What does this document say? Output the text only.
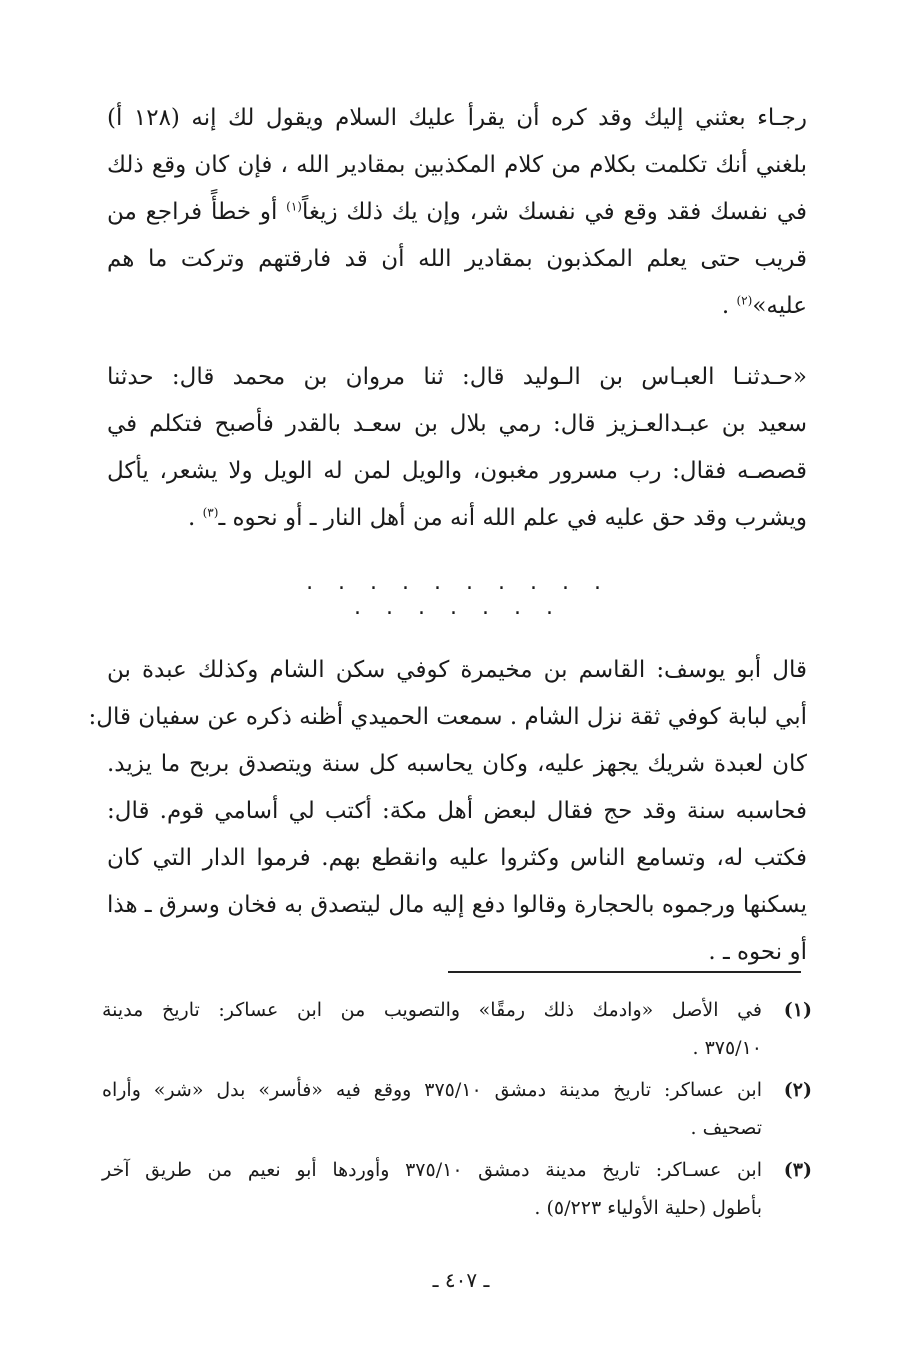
رجـاء بعثني إليك وقد كره أن يقرأ عليك السلام ويقول لك إنه (١٢٨ أ)
بلغني أنك تكلمت بكلام من كلام المكذبين بمقادير الله ، فإن كان وقع ذلك
في نفسك فقد وقع في نفسك شر، وإن يك ذلك زيغاً$^{(١)}$ أو خطأً فراجع من
قريب حتى يعلم المكذبون بمقادير الله أن قد فارقتهم وتركت ما هم
عليه»$^{(٢)}$ .
«حـدثنـا العبـاس بن الـوليد قال: ثنا مروان بن محمد قال: حدثنا
سعيد بن عبـدالعـزيز قال: رمي بلال بن سعـد بالقدر فأصبح فتكلم في
قصصـه فقال: رب مسرور مغبون، والويل لمن له الويل ولا يشعر، يأكل
ويشرب وقد حق عليه في علم الله أنه من أهل النار ـ أو نحوه ـ$^{(٣)}$ .
. . . . . . . . . . . . . . . . .
قال أبو يوسف: القاسم بن مخيمرة كوفي سكن الشام وكذلك عبدة بن
أبي لبابة كوفي ثقة نزل الشام . سمعت الحميدي أظنه ذكره عن سفيان قال:
كان لعبدة شريك يجهز عليه، وكان يحاسبه كل سنة ويتصدق بربح ما يزيد.
فحاسبه سنة وقد حج فقال لبعض أهل مكة: أكتب لي أسامي قوم. قال:
فكتب له، وتسامع الناس وكثروا عليه وانقطع بهم. فرموا الدار التي كان
يسكنها ورجموه بالحجارة وقالوا دفع إليه مال ليتصدق به فخان وسرق ـ هذا
أو نحوه ـ .
(١)
في الأصل «وادمك ذلك رمقًا» والتصويب من ابن عساكر: تاريخ مدينة
٣٧٥/١٠ .
(٢)
ابن عساكر: تاريخ مدينة دمشق ٣٧٥/١٠ ووقع فيه «فأسر» بدل «شر» وأراه
تصحيف .
(٣)
ابن عسـاكر: تاريخ مدينة دمشق ٣٧٥/١٠ وأوردها أبو نعيم من طريق آخر
بأطول (حلية الأولياء ٥/٢٢٣) .
ـ ٤٠٧ ـ
